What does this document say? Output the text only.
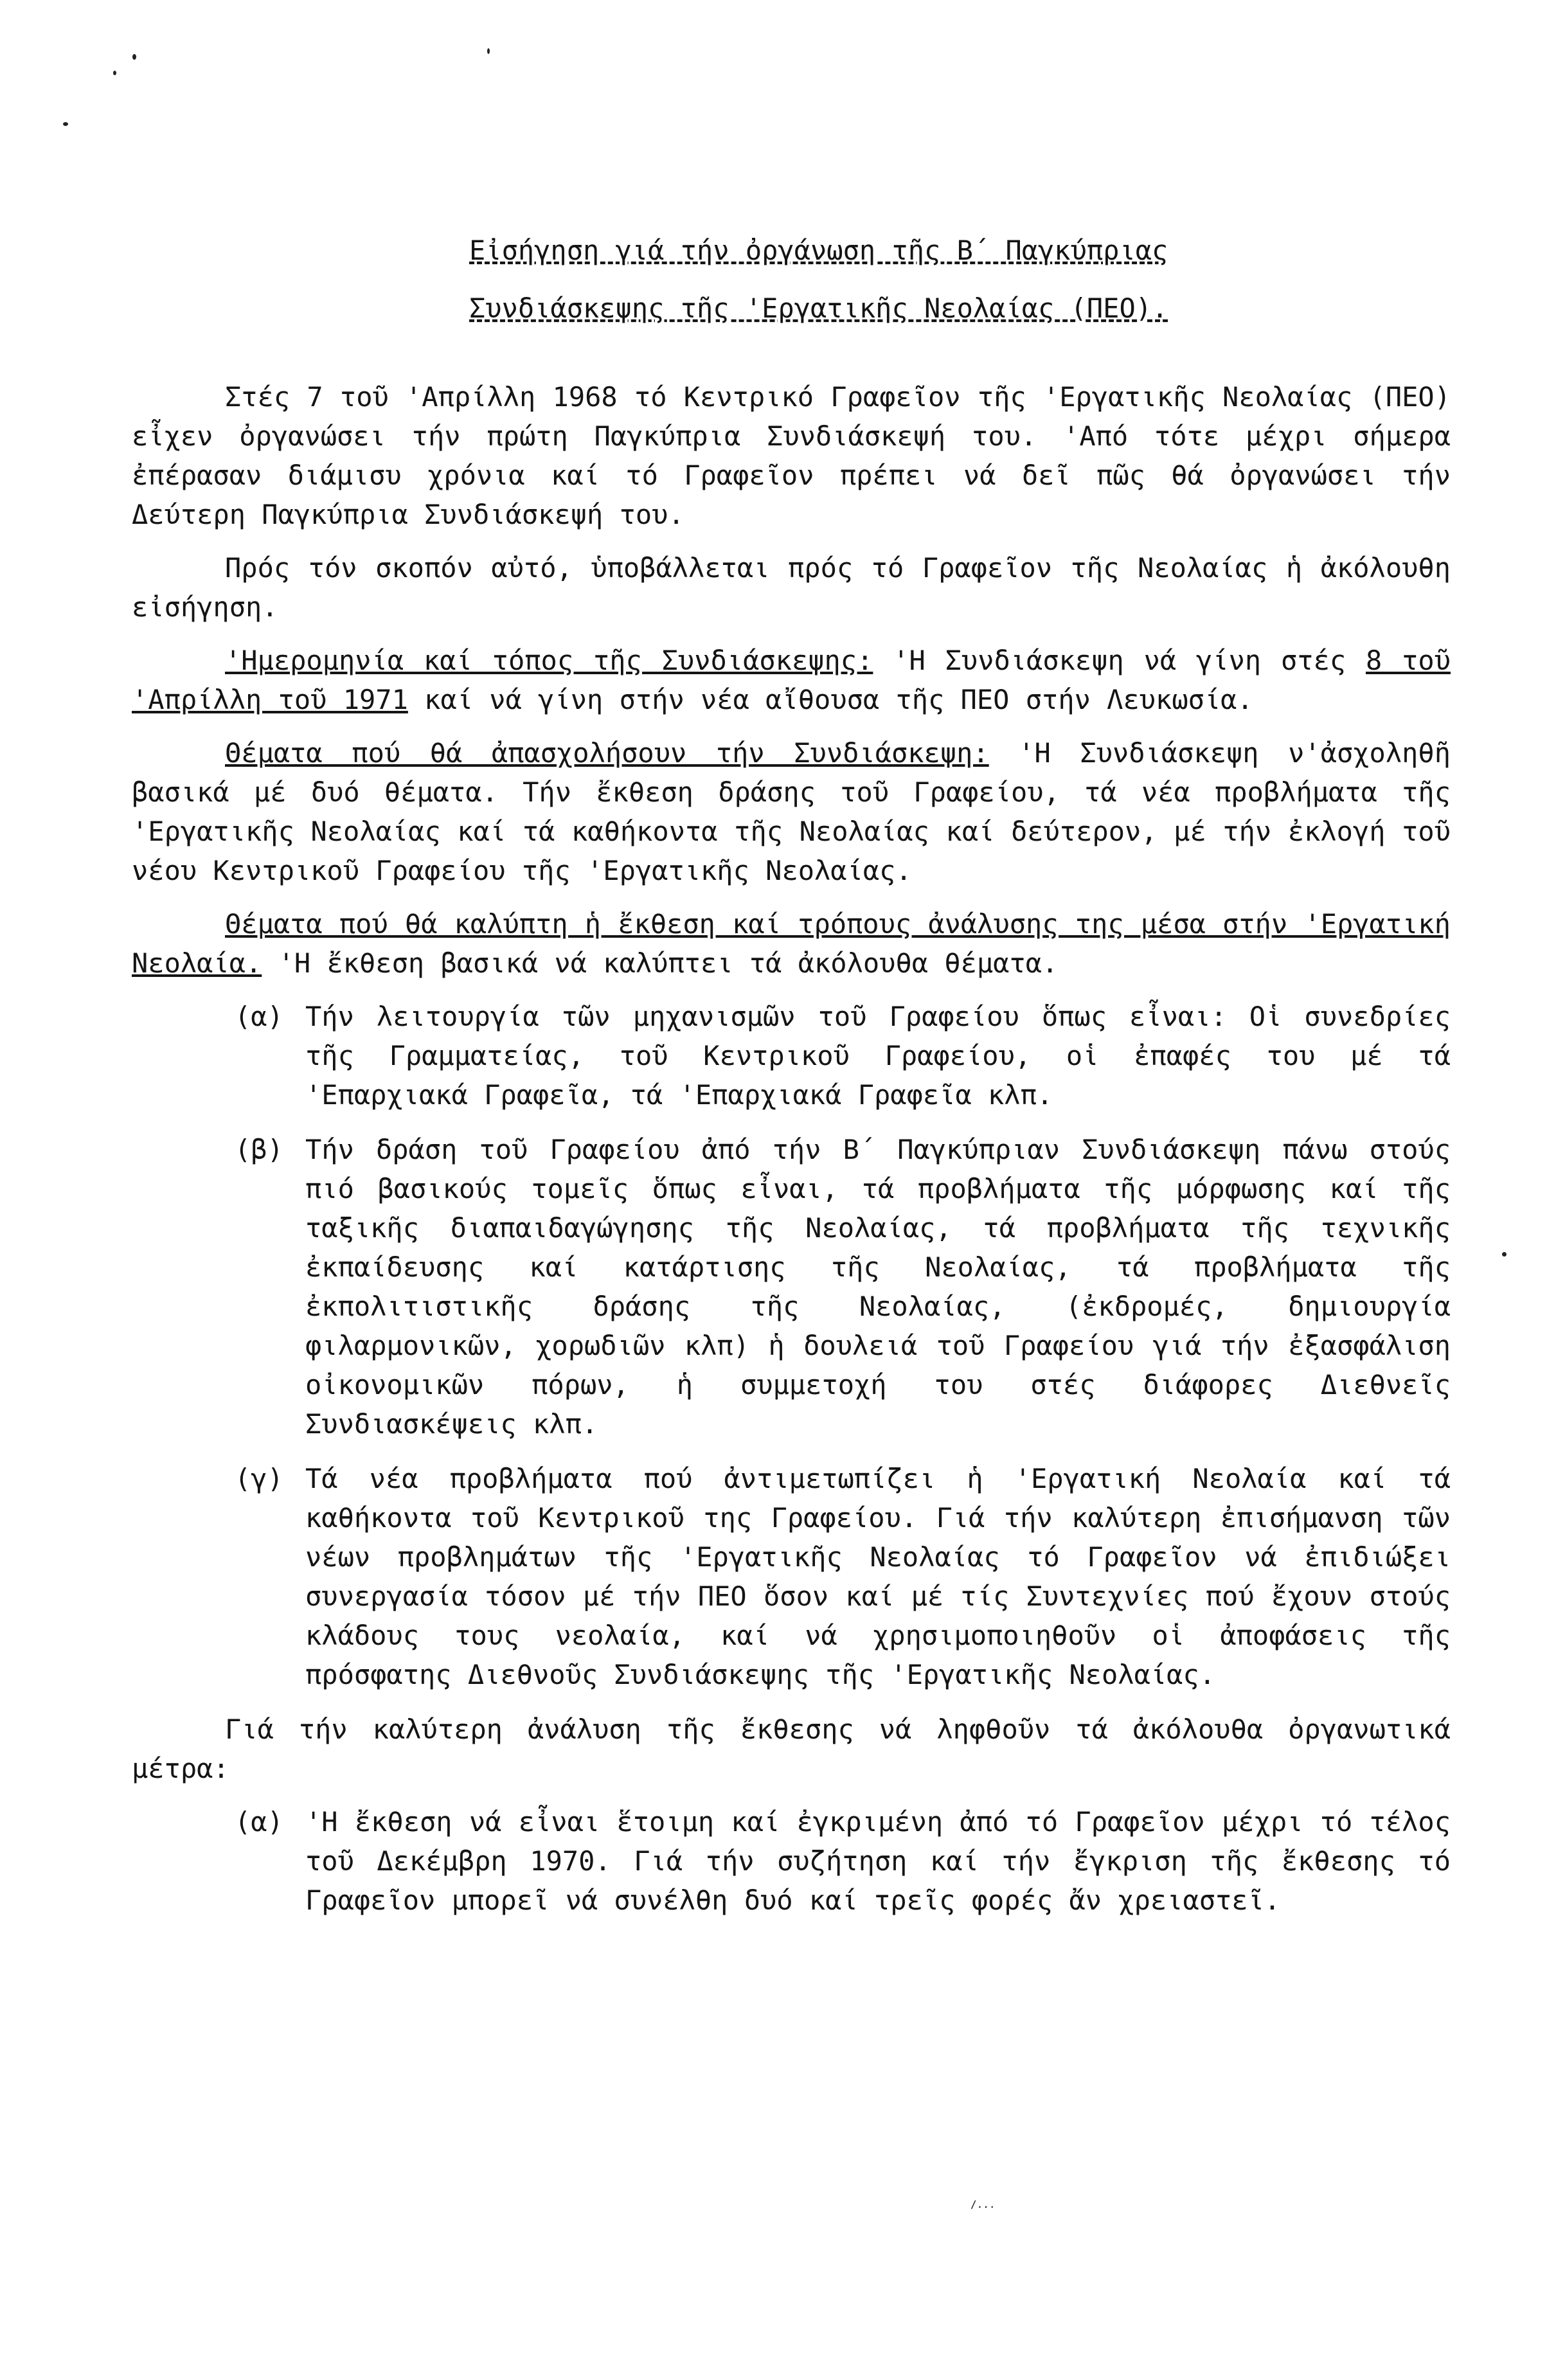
Εἰσήγηση γιά τήν ὀργάνωση τῆς Β΄ Παγκύπριας
Συνδιάσκεψης τῆς 'Εργατικῆς Νεολαίας (ΠΕΟ).

Στές 7 τοῦ 'Απρίλλη 1968 τό Κεντρικό Γραφεῖον τῆς 'Εργατικῆς Νεολαίας (ΠΕΟ) εἶχεν ὀργανώσει τήν πρώτη Παγκύπρια Συνδιάσκεψή του. 'Από τότε μέχρι σήμερα ἐπέρασαν διάμισυ χρόνια καί τό Γραφεῖον πρέπει νά δεῖ πῶς θά ὀργανώσει τήν Δεύτερη Παγκύπρια Συνδιάσκεψή του.

Πρός τόν σκοπόν αὐτό, ὑποβάλλεται πρός τό Γραφεῖον τῆς Νεολαίας ἡ ἀκόλουθη εἰσήγηση.

'Ημερομηνία καί τόπος τῆς Συνδιάσκεψης: 'Η Συνδιάσκεψη νά γίνη στές 8 τοῦ 'Απρίλλη τοῦ 1971 καί νά γίνη στήν νέα αἴθουσα τῆς ΠΕΟ στήν Λευκωσία.

Θέματα πού θά ἀπασχολήσουν τήν Συνδιάσκεψη: 'Η Συνδιάσκεψη ν'ἀσχοληθῆ βασικά μέ δυό θέματα. Τήν ἔκθεση δράσης τοῦ Γραφείου, τά νέα προβλήματα τῆς 'Εργατικῆς Νεολαίας καί τά καθήκοντα τῆς Νεολαίας καί δεύτερον, μέ τήν ἐκλογή τοῦ νέου Κεντρικοῦ Γραφείου τῆς 'Εργατικῆς Νεολαίας.

Θέματα πού θά καλύπτη ἡ ἔκθεση καί τρόπους ἀνάλυσης της μέσα στήν 'Εργατική Νεολαία. 'Η ἔκθεση βασικά νά καλύπτει τά ἀκόλουθα θέματα.

(α) Τήν λειτουργία τῶν μηχανισμῶν τοῦ Γραφείου ὅπως εἶναι: Οἱ συνεδρίες τῆς Γραμματείας, τοῦ Κεντρικοῦ Γραφείου, οἱ ἐπαφές του μέ τά 'Επαρχιακά Γραφεῖα, τά 'Επαρχιακά Γραφεῖα κλπ.
(β) Τήν δράση τοῦ Γραφείου ἀπό τήν Β΄ Παγκύπριαν Συνδιάσκεψη πάνω στούς πιό βασικούς τομεῖς ὅπως εἶναι, τά προβλήματα τῆς μόρφωσης καί τῆς ταξικῆς διαπαιδαγώγησης τῆς Νεολαίας, τά προβλήματα τῆς τεχνικῆς ἐκπαίδευσης καί κατάρτισης τῆς Νεολαίας, τά προβλήματα τῆς ἐκπολιτιστικῆς δράσης τῆς Νεολαίας, (ἐκδρομές, δημιουργία φιλαρμονικῶν, χορωδιῶν κλπ) ἡ δουλειά τοῦ Γραφείου γιά τήν ἐξασφάλιση οἰκονομικῶν πόρων, ἡ συμμετοχή του στές διάφορες Διεθνεῖς Συνδιασκέψεις κλπ.
(γ) Τά νέα προβλήματα πού ἀντιμετωπίζει ἡ 'Εργατική Νεολαία καί τά καθήκοντα τοῦ Κεντρικοῦ της Γραφείου. Γιά τήν καλύτερη ἐπισήμανση τῶν νέων προβλημάτων τῆς 'Εργατικῆς Νεολαίας τό Γραφεῖον νά ἐπιδιώξει συνεργασία τόσον μέ τήν ΠΕΟ ὅσον καί μέ τίς Συντεχνίες πού ἔχουν στούς κλάδους τους νεολαία, καί νά χρησιμοποιηθοῦν οἱ ἀποφάσεις τῆς πρόσφατης Διεθνοῦς Συνδιάσκεψης τῆς 'Εργατικῆς Νεολαίας.

Γιά τήν καλύτερη ἀνάλυση τῆς ἔκθεσης νά ληφθοῦν τά ἀκόλουθα ὀργανωτικά μέτρα:

(α) 'Η ἔκθεση νά εἶναι ἕτοιμη καί ἐγκριμένη ἀπό τό Γραφεῖον μέχρι τό τέλος τοῦ Δεκέμβρη 1970. Γιά τήν συζήτηση καί τήν ἔγκριση τῆς ἔκθεσης τό Γραφεῖον μπορεῖ νά συνέλθη δυό καί τρεῖς φορές ἄν χρειαστεῖ.
/...
